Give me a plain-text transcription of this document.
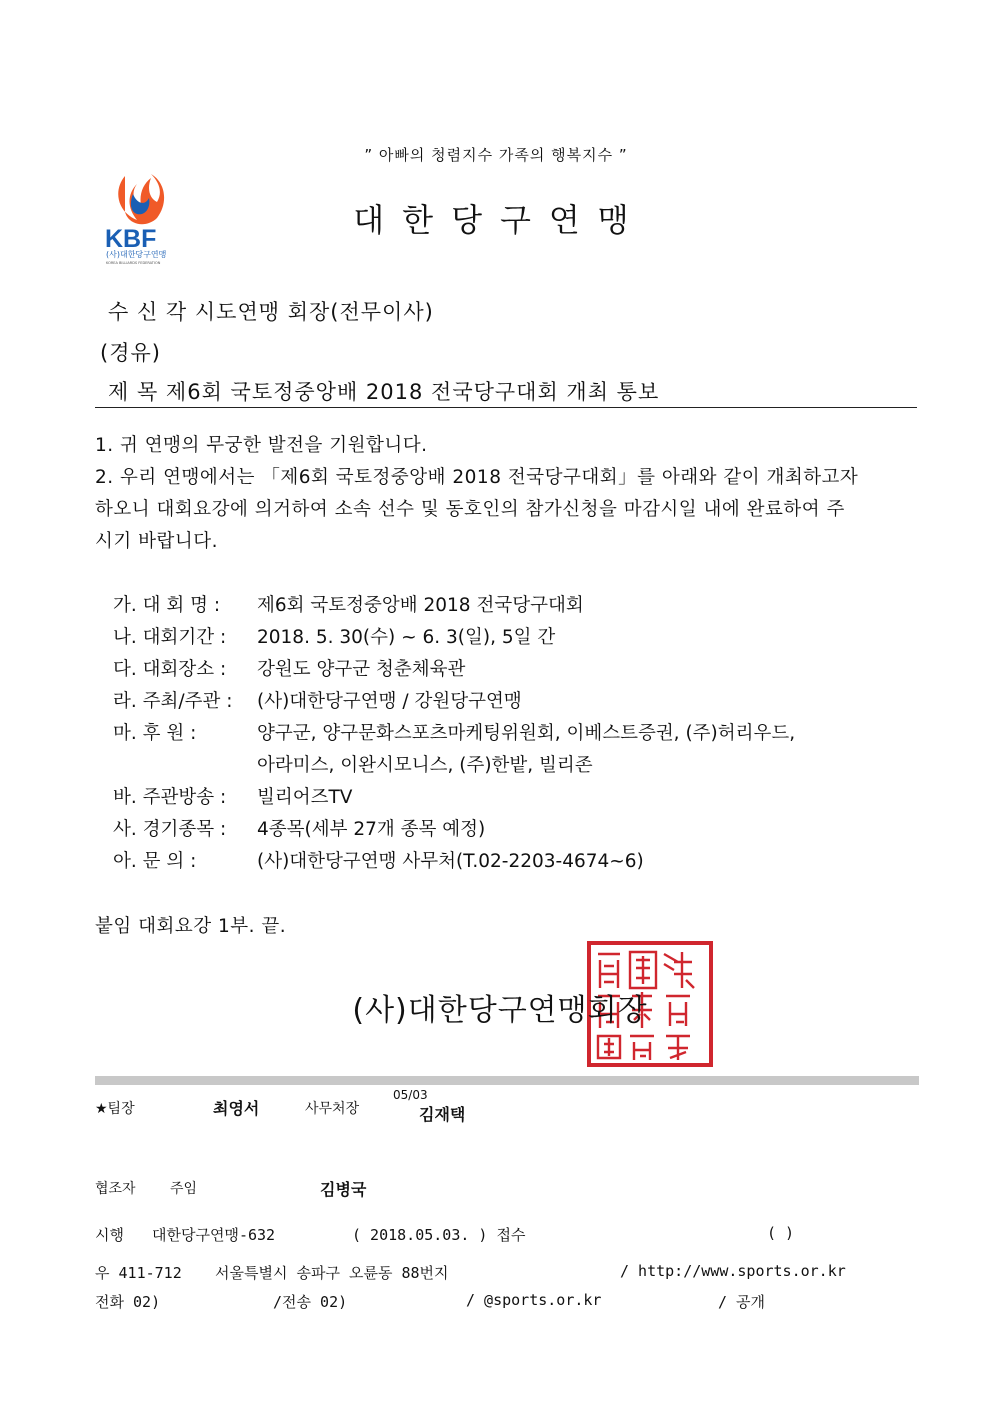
” 아빠의 청렴지수 가족의 행복지수 ”
KBF
(사)대한당구연맹
KOREA BILLIARDS FEDERATION
대한당구연맹
수 신 각 시도연맹 회장(전무이사)
(경유)
제 목 제6회 국토정중앙배 2018 전국당구대회 개최 통보
1. 귀 연맹의 무궁한 발전을 기원합니다.
2. 우리 연맹에서는 「제6회 국토정중앙배 2018 전국당구대회」를 아래와 같이 개최하고자
하오니 대회요강에 의거하여 소속 선수 및 동호인의 참가신청을 마감시일 내에 완료하여 주
시기 바랍니다.
가. 대 회 명 : 제6회 국토정중앙배 2018 전국당구대회
나. 대회기간 : 2018. 5. 30(수) ~ 6. 3(일), 5일 간
다. 대회장소 : 강원도 양구군 청춘체육관
라. 주최/주관 : (사)대한당구연맹 / 강원당구연맹
마. 후 원 :	양구군, 양구문화스포츠마케팅위원회, 이베스트증권, (주)허리우드,
아라미스, 이완시모니스, (주)한밭, 빌리존
바. 주관방송 : 빌리어즈TV
사. 경기종목 : 4종목(세부 27개 종목 예정)
아. 문 의 :	(사)대한당구연맹 사무처(T.02-2203-4674~6)
붙임 대회요강 1부. 끝.
(사)대한당구연맹회장
★팀장	최영서	사무처장
05/03
김재택
협조자 주임	김병국
시행 대한당구연맹-632	( 2018.05.03. ) 접수	( )
우 411-712 서울특별시 송파구 오륜동 88번지	/ http://www.sports.or.kr
전화 02)	/전송 02)	/ @sports.or.kr	/ 공개
